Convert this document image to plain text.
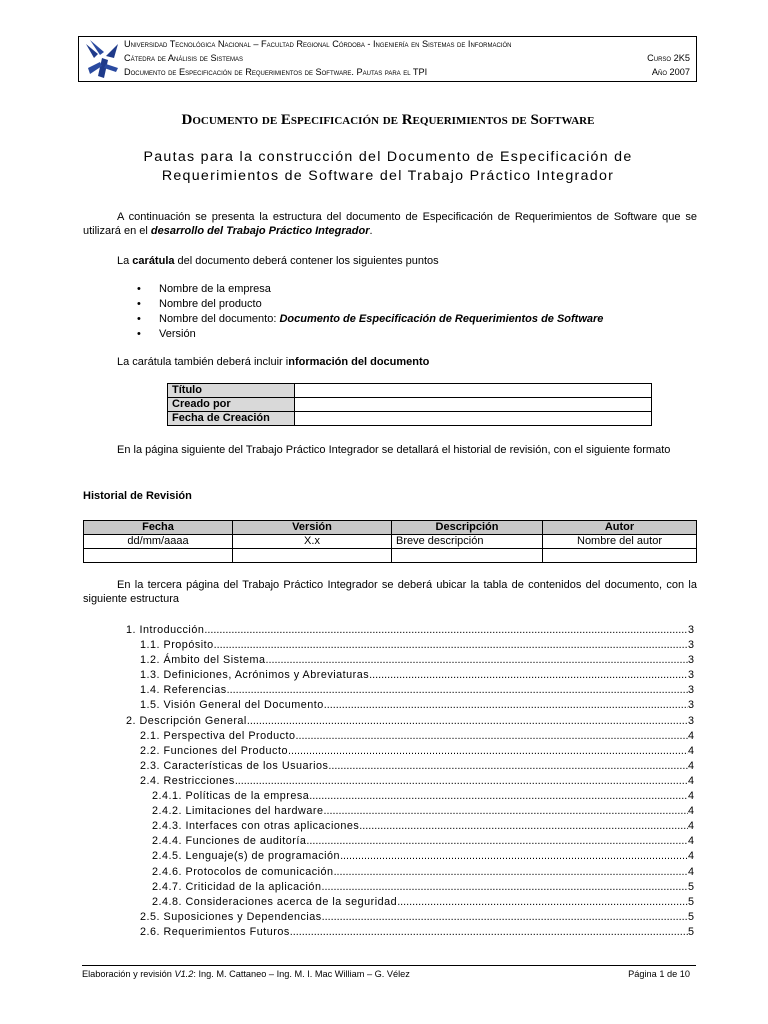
Universidad Tecnológica Nacional – Facultad Regional Córdoba - Ingeniería en Sistemas de Información
Cátedra de Análisis de Sistemas
Documento de Especificación de Requerimientos de Software. Pautas para el TPI
Curso 2K5
Año 2007
Documento de Especificación de Requerimientos de Software
Pautas para la construcción del Documento de Especificación de
Requerimientos de Software del Trabajo Práctico Integrador
A continuación se presenta la estructura del documento de Especificación de Requerimientos de Software que se utilizará en el desarrollo del Trabajo Práctico Integrador.
La carátula del documento deberá contener los siguientes puntos
• Nombre de la empresa
• Nombre del producto
• Nombre del documento: Documento de Especificación de Requerimientos de Software
• Versión
La carátula también deberá incluir información del documento
Título	
Creado por	
Fecha de Creación	
En la página siguiente del Trabajo Práctico Integrador se detallará el historial de revisión, con el siguiente formato
Historial de Revisión
Fecha	Versión	Descripción	Autor
dd/mm/aaaa	X.x	Breve descripción	Nombre del autor

En la tercera página del Trabajo Práctico Integrador se deberá ubicar la tabla de contenidos del documento, con la siguiente estructura
1. Introducción .....	3
1.1. Propósito .....	3
1.2. Ámbito del Sistema .....	3
1.3. Definiciones, Acrónimos y Abreviaturas .....	3
1.4. Referencias .....	3
1.5. Visión General del Documento .....	3
2. Descripción General .....	3
2.1. Perspectiva del Producto .....	4
2.2. Funciones del Producto .....	4
2.3. Características de los Usuarios .....	4
2.4. Restricciones .....	4
2.4.1. Políticas de la empresa .....	4
2.4.2. Limitaciones del hardware .....	4
2.4.3. Interfaces con otras aplicaciones .....	4
2.4.4. Funciones de auditoría .....	4
2.4.5. Lenguaje(s) de programación .....	4
2.4.6. Protocolos de comunicación .....	4
2.4.7. Criticidad de la aplicación .....	5
2.4.8. Consideraciones acerca de la seguridad .....	5
2.5. Suposiciones y Dependencias .....	5
2.6. Requerimientos Futuros .....	5
Elaboración y revisión V1.2: Ing. M. Cattaneo – Ing. M. I. Mac William – G. Vélez	Página 1 de 10
